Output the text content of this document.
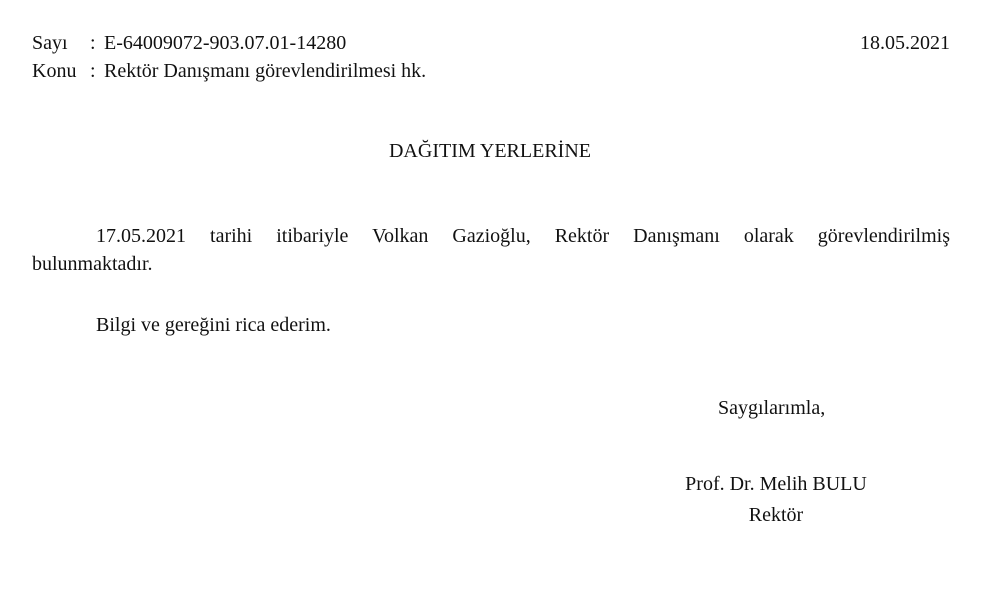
Sayı : E-64009072-903.07.01-14280	18.05.2021
Konu : Rektör Danışmanı görevlendirilmesi hk.
DAĞITIM YERLERİNE
17.05.2021 tarihi itibariyle Volkan Gazioğlu, Rektör Danışmanı olarak görevlendirilmiş
bulunmaktadır.
Bilgi ve gereğini rica ederim.
Saygılarımla,
Prof. Dr. Melih BULU
Rektör
